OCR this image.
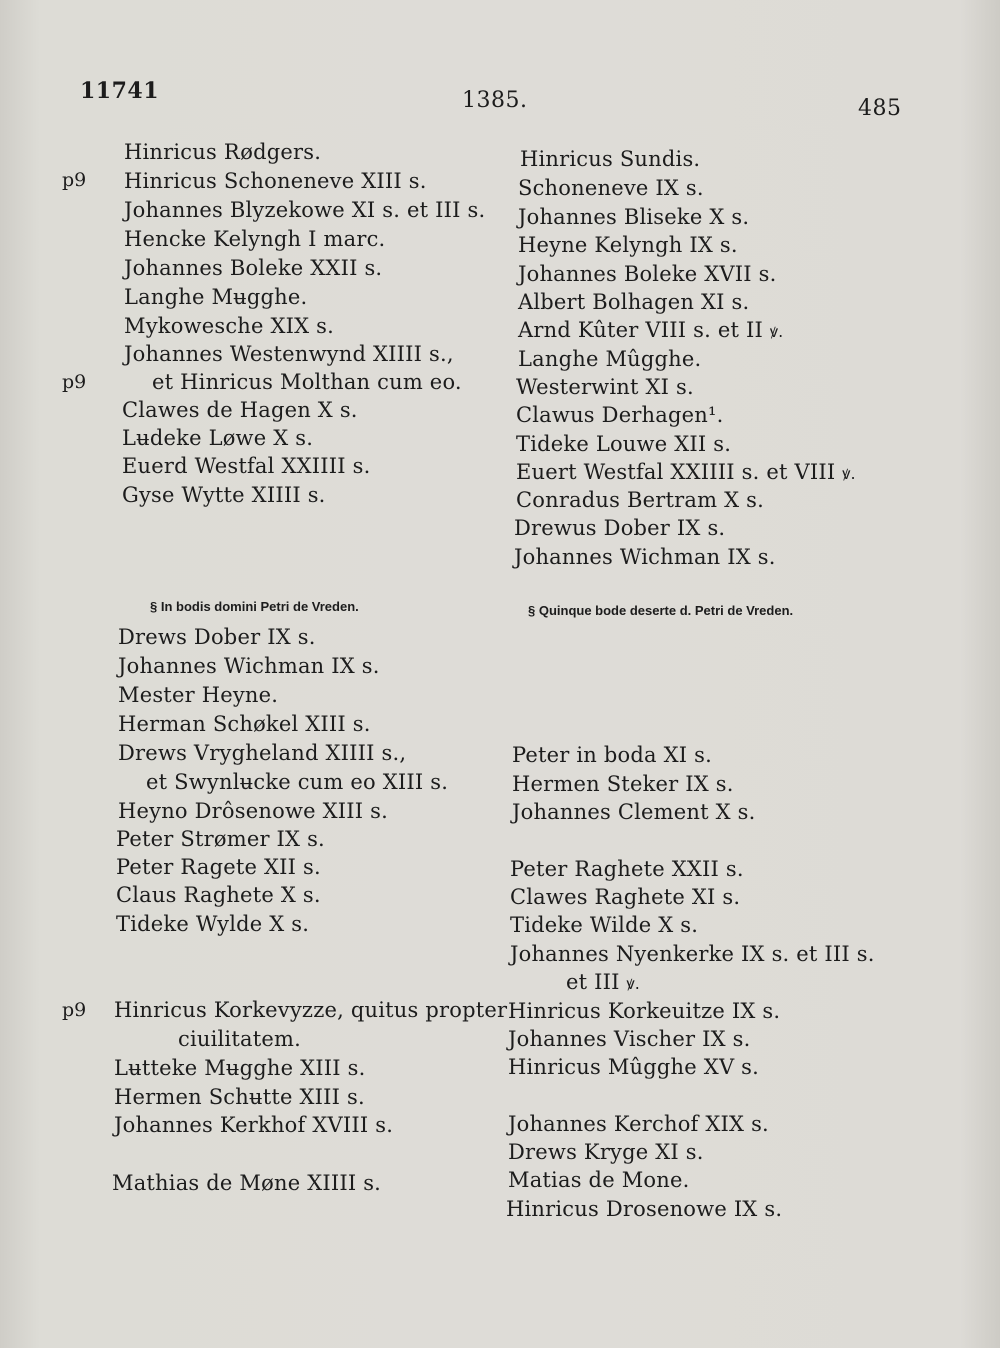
11741	1385.	485
p9
p9
p9
Hinricus Rødgers.
Hinricus Schoneneve XIII s.
Johannes Blyzekowe XI s. et III s.
Hencke Kelyngh I marc.
Johannes Boleke XXII s.
Langhe Mʉgghe.
Mykowesche XIX s.
Johannes Westenwynd XIIII s.,
et Hinricus Molthan cum eo.
Clawes de Hagen X s.
Lʉdeke Løwe X s.
Euerd Westfal XXIIII s.
Gyse Wytte XIIII s.
§ In bodis domini Petri de Vreden.
Drews Dober IX s.
Johannes Wichman IX s.
Mester Heyne.
Herman Schøkel XIII s.
Drews Vrygheland XIIII s.,
et Swynlʉcke cum eo XIII s.
Heyno Drôsenowe XIII s.
Peter Strømer IX s.
Peter Ragete XII s.
Claus Raghete X s.
Tideke Wylde X s.
Hinricus Korkevyzze, quitus propter
ciuilitatem.
Lʉtteke Mʉgghe XIII s.
Hermen Schʉtte XIII s.
Johannes Kerkhof XVIII s.
Mathias de Møne XIIII s.
Hinricus Sundis.
Schoneneve IX s.
Johannes Bliseke X s.
Heyne Kelyngh IX s.
Johannes Boleke XVII s.
Albert Bolhagen XI s.
Arnd Kûter VIII s. et II ꝟ.
Langhe Mûgghe.
Westerwint XI s.
Clawus Derhagen¹.
Tideke Louwe XII s.
Euert Westfal XXIIII s. et VIII ꝟ.
Conradus Bertram X s.
Drewus Dober IX s.
Johannes Wichman IX s.
§ Quinque bode deserte d. Petri de Vreden.
Peter in boda XI s.
Hermen Steker IX s.
Johannes Clement X s.
Peter Raghete XXII s.
Clawes Raghete XI s.
Tideke Wilde X s.
Johannes Nyenkerke IX s. et III s.
et III ꝟ.
Hinricus Korkeuitze IX s.
Johannes Vischer IX s.
Hinricus Mûgghe XV s.
Johannes Kerchof XIX s.
Drews Kryge XI s.
Matias de Mone.
Hinricus Drosenowe IX s.
